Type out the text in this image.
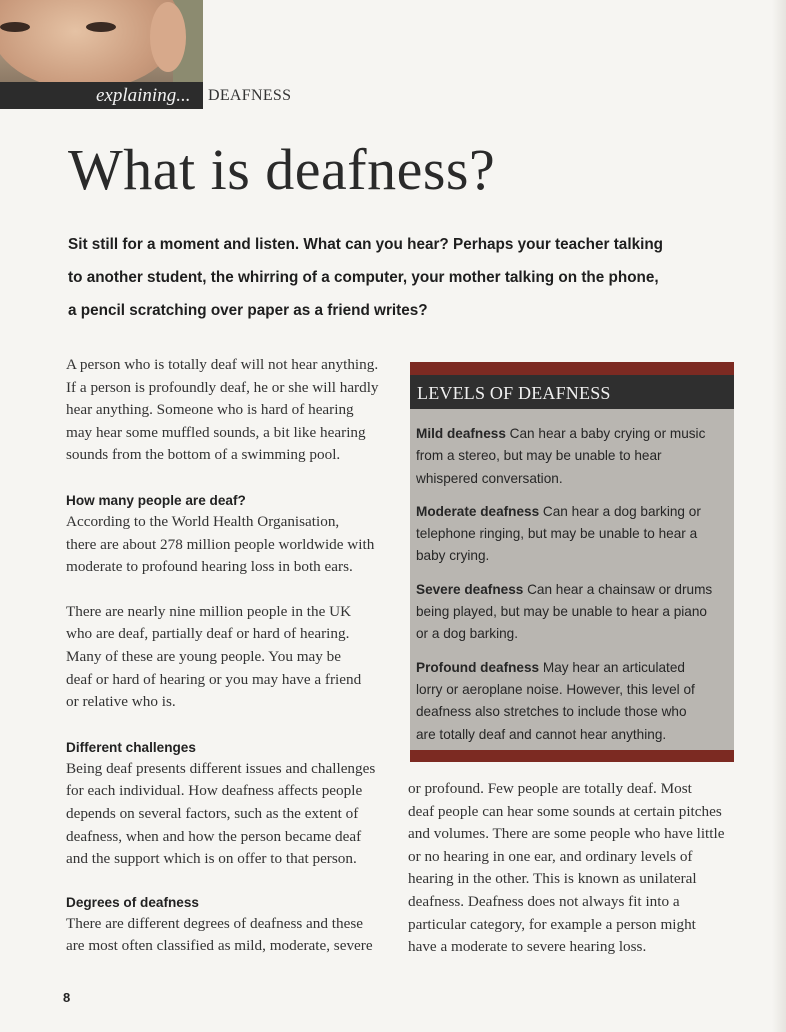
explaining... DEAFNESS
What is deafness?
Sit still for a moment and listen. What can you hear? Perhaps your teacher talking
to another student, the whirring of a computer, your mother talking on the phone,
a pencil scratching over paper as a friend writes?
A person who is totally deaf will not hear anything.
If a person is profoundly deaf, he or she will hardly
hear anything. Someone who is hard of hearing
may hear some muffled sounds, a bit like hearing
sounds from the bottom of a swimming pool.
How many people are deaf?
According to the World Health Organisation,
there are about 278 million people worldwide with
moderate to profound hearing loss in both ears.
There are nearly nine million people in the UK
who are deaf, partially deaf or hard of hearing.
Many of these are young people. You may be
deaf or hard of hearing or you may have a friend
or relative who is.
Different challenges
Being deaf presents different issues and challenges
for each individual. How deafness affects people
depends on several factors, such as the extent of
deafness, when and how the person became deaf
and the support which is on offer to that person.
Degrees of deafness
There are different degrees of deafness and these
are most often classified as mild, moderate, severe
LEVELS OF DEAFNESS
Mild deafness Can hear a baby crying or music
from a stereo, but may be unable to hear
whispered conversation.
Moderate deafness Can hear a dog barking or
telephone ringing, but may be unable to hear a
baby crying.
Severe deafness Can hear a chainsaw or drums
being played, but may be unable to hear a piano
or a dog barking.
Profound deafness May hear an articulated
lorry or aeroplane noise. However, this level of
deafness also stretches to include those who
are totally deaf and cannot hear anything.
or profound. Few people are totally deaf. Most
deaf people can hear some sounds at certain pitches
and volumes. There are some people who have little
or no hearing in one ear, and ordinary levels of
hearing in the other. This is known as unilateral
deafness. Deafness does not always fit into a
particular category, for example a person might
have a moderate to severe hearing loss.
8
